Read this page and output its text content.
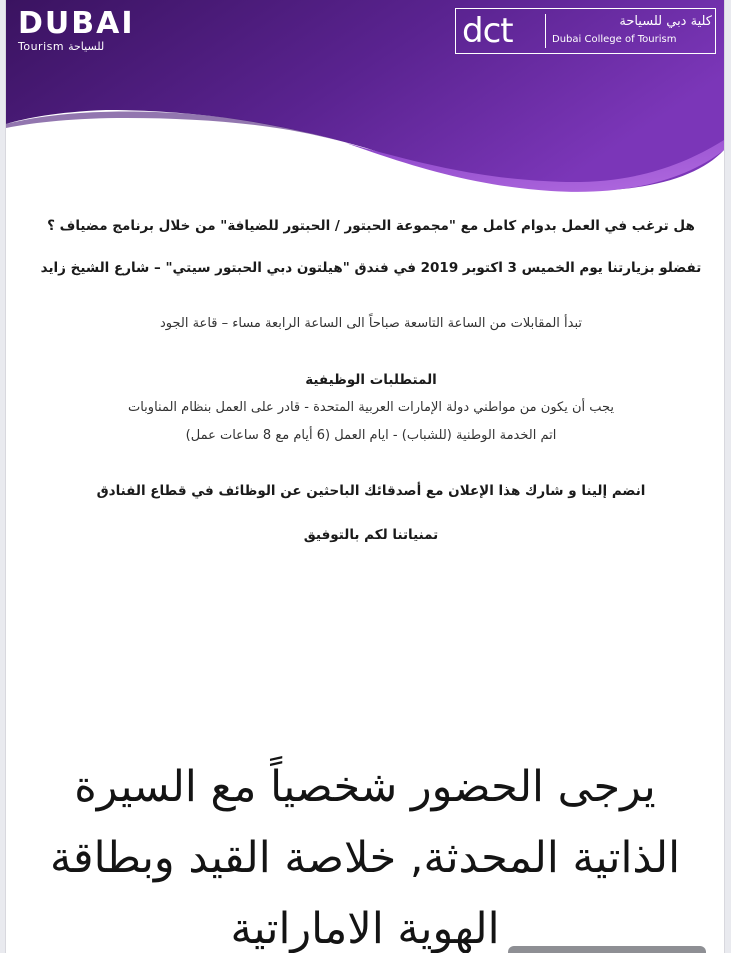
DUBAI
Tourism للسياحة	dct	كلية دبي للسياحة
Dubai College of Tourism
هل ترغب في العمل بدوام كامل مع "مجموعة الحبتور / الحبتور للضيافة" من خلال برنامج مضياف ؟
تفضلو بزيارتنا يوم الخميس 3 اكتوبر 2019 في فندق "هيلتون دبي الحبتور سيتي" – شارع الشيخ زايد
تبدأ المقابلات من الساعة التاسعة صباحاً الى الساعة الرابعة مساء – قاعة الجود
المتطلبات الوظيفية
يجب أن يكون من مواطني دولة الإمارات العربية المتحدة - قادر على العمل بنظام المناوبات
اتم الخدمة الوطنية (للشباب) - ايام العمل (6 أيام مع 8 ساعات عمل)
انضم إلينا و شارك هذا الإعلان مع أصدقائك الباحثين عن الوظائف في قطاع الفنادق
تمنياتنا لكم بالتوفيق
يرجى الحضور شخصياً مع السيرة
الذاتية المحدثة, خلاصة القيد وبطاقة
الهوية الاماراتية
